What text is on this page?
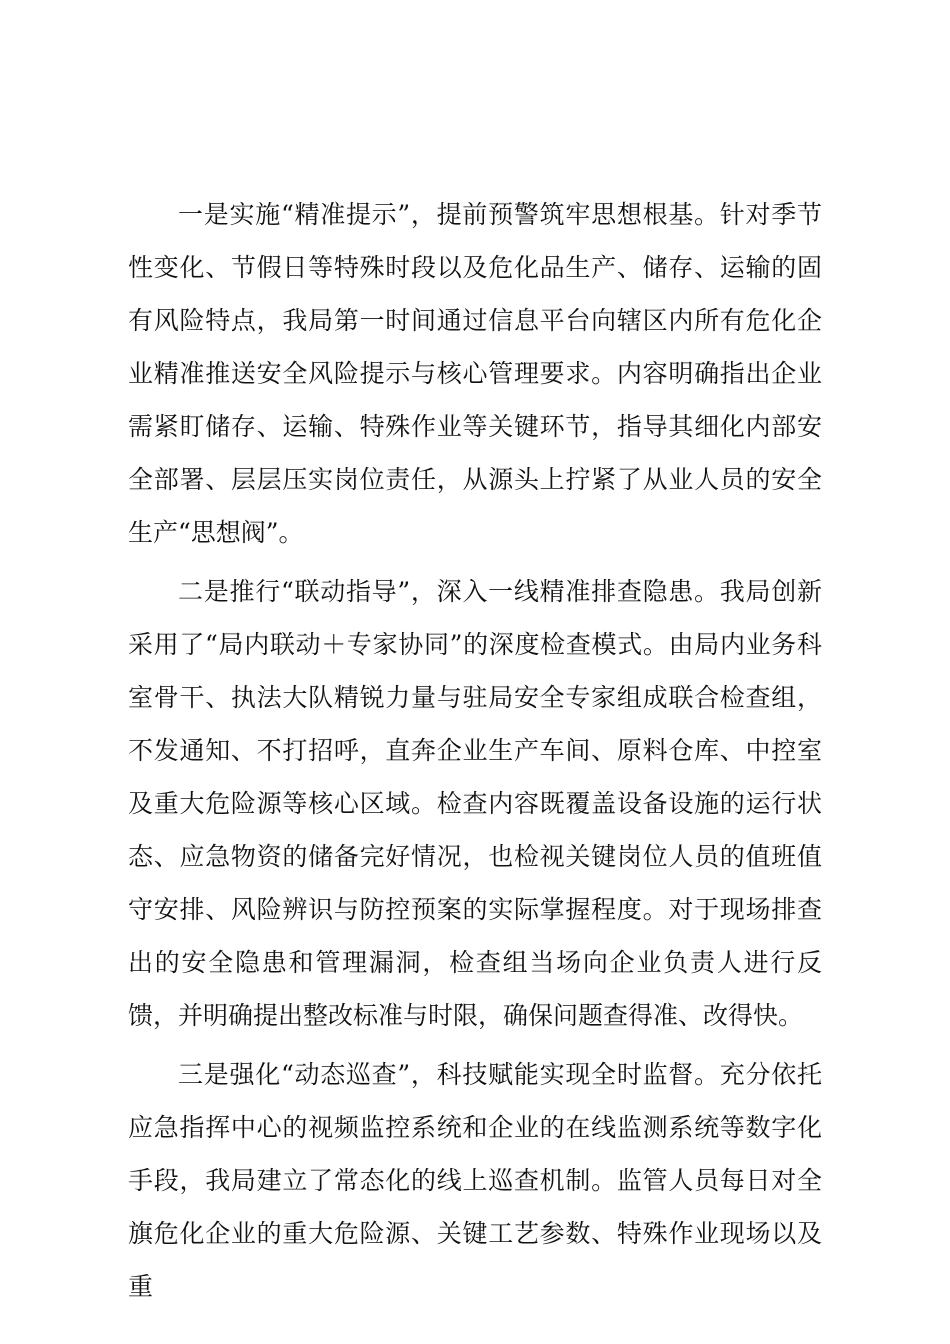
一是实施“精准提示”，提前预警筑牢思想根基。针对季节性变化、节假日等特殊时段以及危化品生产、储存、运输的固有风险特点，我局第一时间通过信息平台向辖区内所有危化企业精准推送安全风险提示与核心管理要求。内容明确指出企业需紧盯储存、运输、特殊作业等关键环节，指导其细化内部安全部署、层层压实岗位责任，从源头上拧紧了从业人员的安全生产“思想阀”。

二是推行“联动指导”，深入一线精准排查隐患。我局创新采用了“局内联动＋专家协同”的深度检查模式。由局内业务科室骨干、执法大队精锐力量与驻局安全专家组成联合检查组，不发通知、不打招呼，直奔企业生产车间、原料仓库、中控室及重大危险源等核心区域。检查内容既覆盖设备设施的运行状态、应急物资的储备完好情况，也检视关键岗位人员的值班值守安排、风险辨识与防控预案的实际掌握程度。对于现场排查出的安全隐患和管理漏洞，检查组当场向企业负责人进行反馈，并明确提出整改标准与时限，确保问题查得准、改得快。

三是强化“动态巡查”，科技赋能实现全时监督。充分依托应急指挥中心的视频监控系统和企业的在线监测系统等数字化手段，我局建立了常态化的线上巡查机制。监管人员每日对全旗危化企业的重大危险源、关键工艺参数、特殊作业现场以及重
